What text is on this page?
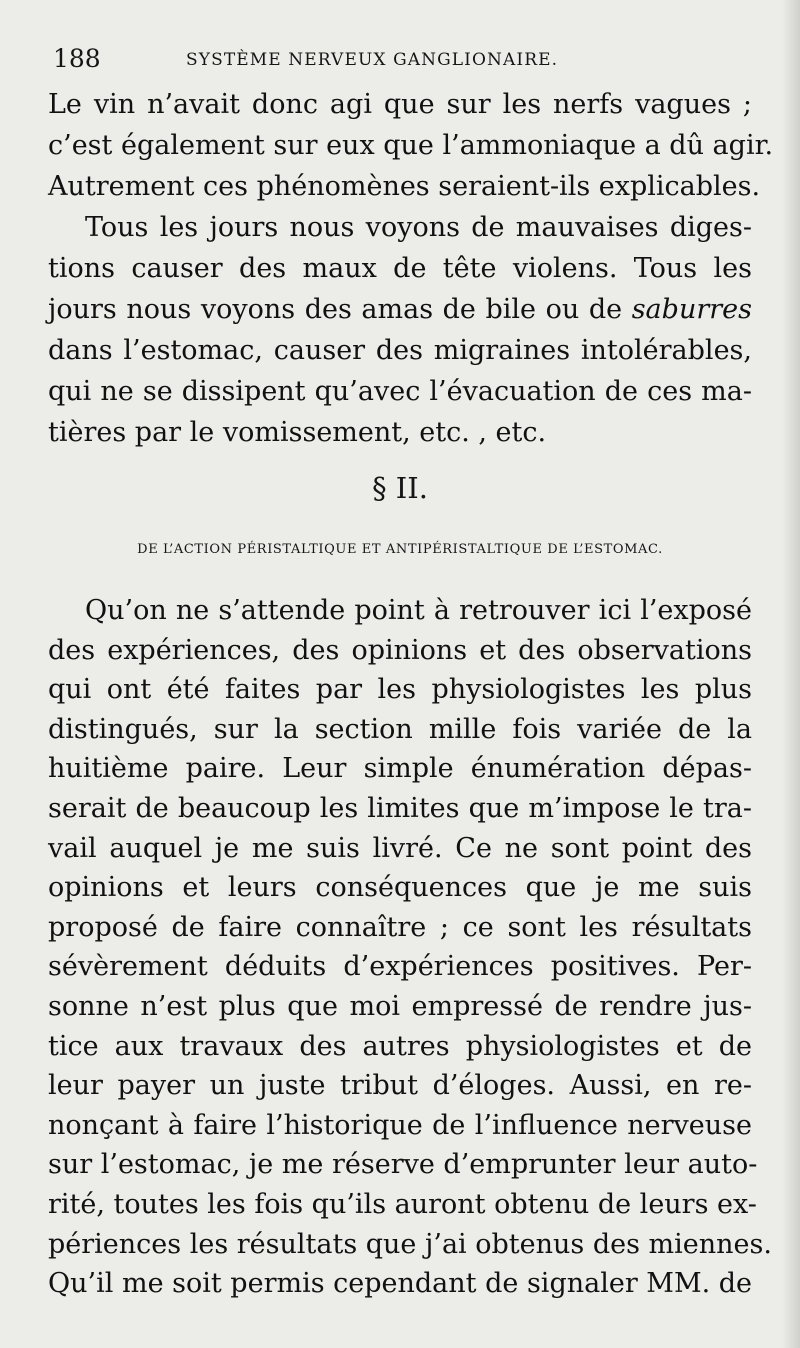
188	SYSTÈME NERVEUX GANGLIONAIRE.
Le vin n’avait donc agi que sur les nerfs vagues ;
c’est également sur eux que l’ammoniaque a dû agir.
Autrement ces phénomènes seraient-ils explicables.
Tous les jours nous voyons de mauvaises diges-
tions causer des maux de tête violens. Tous les
jours nous voyons des amas de bile ou de saburres
dans l’estomac, causer des migraines intolérables,
qui ne se dissipent qu’avec l’évacuation de ces ma-
tières par le vomissement, etc. , etc.
§ II.
DE L’ACTION PÉRISTALTIQUE ET ANTIPÉRISTALTIQUE DE L’ESTOMAC.
Qu’on ne s’attende point à retrouver ici l’exposé
des expériences, des opinions et des observations
qui ont été faites par les physiologistes les plus
distingués, sur la section mille fois variée de la
huitième paire. Leur simple énumération dépas-
serait de beaucoup les limites que m’impose le tra-
vail auquel je me suis livré. Ce ne sont point des
opinions et leurs conséquences que je me suis
proposé de faire connaître ; ce sont les résultats
sévèrement déduits d’expériences positives. Per-
sonne n’est plus que moi empressé de rendre jus-
tice aux travaux des autres physiologistes et de
leur payer un juste tribut d’éloges. Aussi, en re-
nonçant à faire l’historique de l’influence nerveuse
sur l’estomac, je me réserve d’emprunter leur auto-
rité, toutes les fois qu’ils auront obtenu de leurs ex-
périences les résultats que j’ai obtenus des miennes.
Qu’il me soit permis cependant de signaler MM. de
